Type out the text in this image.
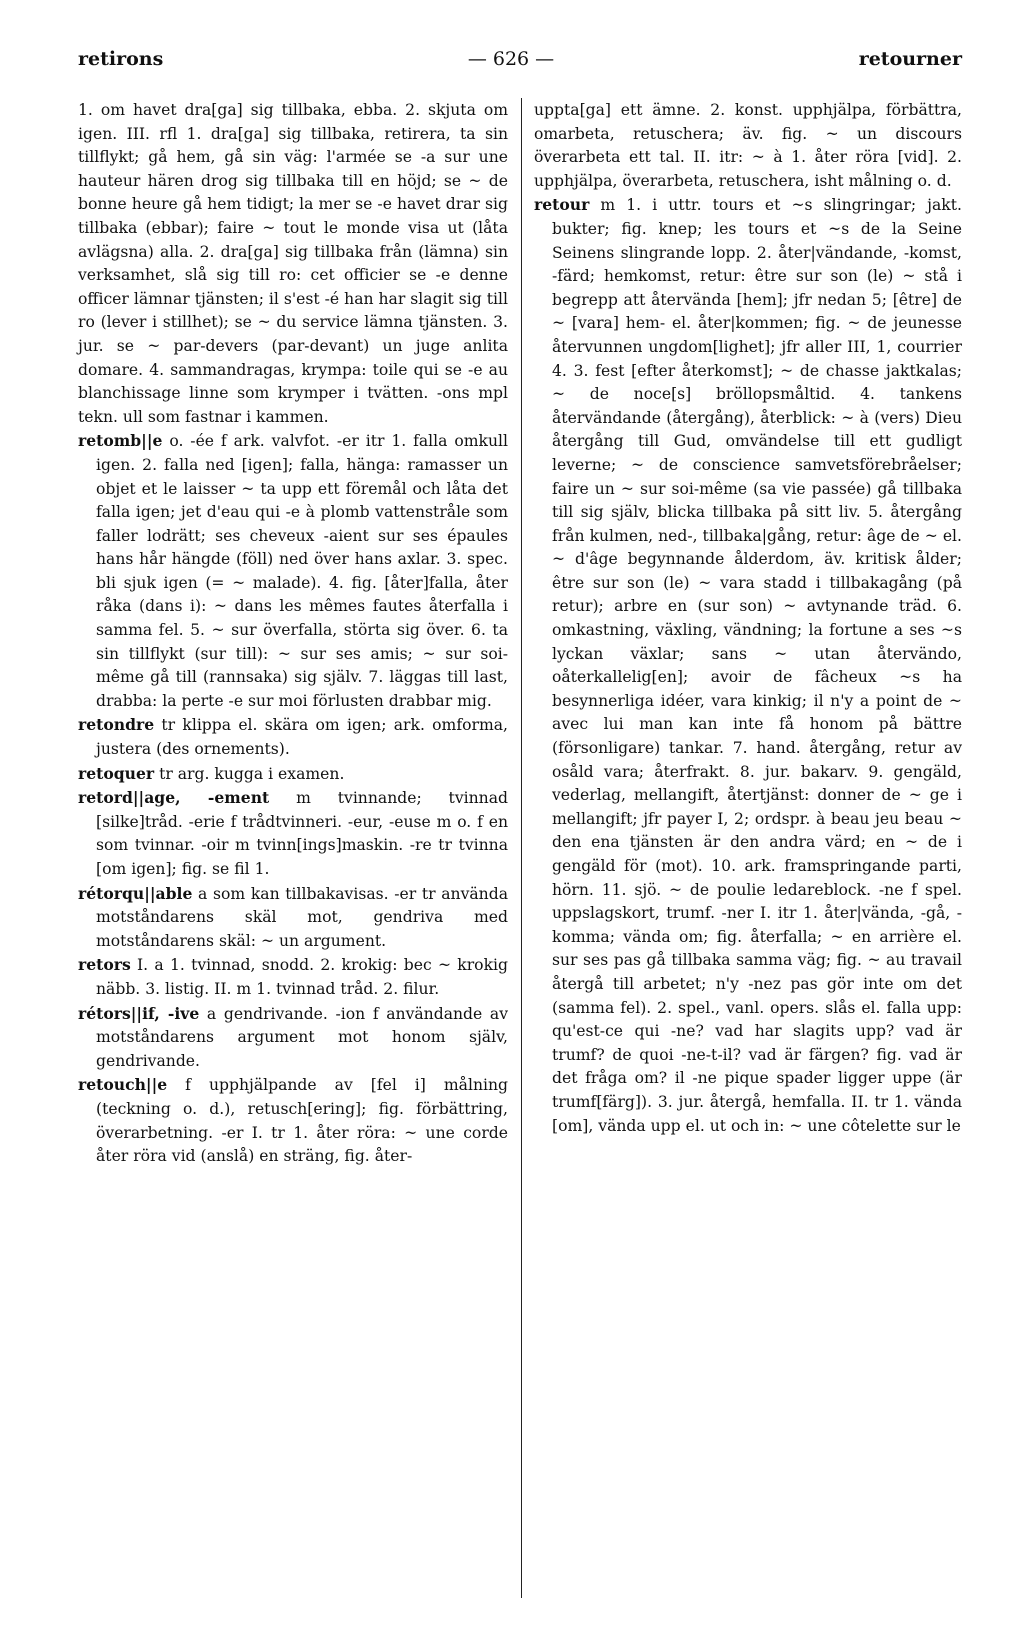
retirons	— 626 —	retourner

1. om havet dra[ga] sig tillbaka, ebba. 2. skjuta om igen. III. rfl 1. dra[ga] sig tillbaka, retirera, ta sin tillflykt; gå hem, gå sin väg: l'armée se -a sur une hauteur hären drog sig tillbaka till en höjd; se ~ de bonne heure gå hem tidigt; la mer se -e havet drar sig tillbaka (ebbar); faire ~ tout le monde visa ut (låta avlägsna) alla. 2. dra[ga] sig tillbaka från (lämna) sin verksamhet, slå sig till ro: cet officier se -e denne officer lämnar tjänsten; il s'est -é han har slagit sig till ro (lever i stillhet); se ~ du service lämna tjänsten. 3. jur. se ~ par-devers (par-devant) un juge anlita domare. 4. sammandragas, krympa: toile qui se -e au blanchissage linne som krymper i tvätten. -ons mpl tekn. ull som fastnar i kammen.

retomb||e o. -ée f ark. valvfot. -er itr 1. falla omkull igen. 2. falla ned [igen]; falla, hänga: ramasser un objet et le laisser ~ ta upp ett föremål och låta det falla igen; jet d'eau qui -e à plomb vattenstråle som faller lodrätt; ses cheveux -aient sur ses épaules hans hår hängde (föll) ned över hans axlar. 3. spec. bli sjuk igen (= ~ malade). 4. fig. [åter]falla, åter råka (dans i): ~ dans les mêmes fautes återfalla i samma fel. 5. ~ sur överfalla, störta sig över. 6. ta sin tillflykt (sur till): ~ sur ses amis; ~ sur soi-même gå till (rannsaka) sig själv. 7. läggas till last, drabba: la perte -e sur moi förlusten drabbar mig.

retondre tr klippa el. skära om igen; ark. omforma, justera (des ornements).

retoquer tr arg. kugga i examen.

retord||age, -ement m tvinnande; tvinnad [silke]tråd. -erie f trådtvinneri. -eur, -euse m o. f en som tvinnar. -oir m tvinn[ings]maskin. -re tr tvinna [om igen]; fig. se fil 1.

rétorqu||able a som kan tillbakavisas. -er tr använda motståndarens skäl mot, gendriva med motståndarens skäl: ~ un argument.

retors I. a 1. tvinnad, snodd. 2. krokig: bec ~ krokig näbb. 3. listig. II. m 1. tvinnad tråd. 2. filur.

rétors||if, -ive a gendrivande. -ion f användande av motståndarens argument mot honom själv, gendrivande.

retouch||e f upphjälpande av [fel i] målning (teckning o. d.), retusch[ering]; fig. förbättring, överarbetning. -er I. tr 1. åter röra: ~ une corde åter röra vid (anslå) en sträng, fig. åter-

uppta[ga] ett ämne. 2. konst. upphjälpa, förbättra, omarbeta, retuschera; äv. fig. ~ un discours överarbeta ett tal. II. itr: ~ à 1. åter röra [vid]. 2. upphjälpa, överarbeta, retuschera, isht målning o. d.

retour m 1. i uttr. tours et ~s slingringar; jakt. bukter; fig. knep; les tours et ~s de la Seine Seinens slingrande lopp. 2. åter|vändande, -komst, -färd; hemkomst, retur: être sur son (le) ~ stå i begrepp att återvända [hem]; jfr nedan 5; [être] de ~ [vara] hem- el. åter|kommen; fig. ~ de jeunesse återvunnen ungdom[lighet]; jfr aller III, 1, courrier 4. 3. fest [efter återkomst]; ~ de chasse jaktkalas; ~ de noce[s] bröllopsmåltid. 4. tankens återvändande (återgång), återblick: ~ à (vers) Dieu återgång till Gud, omvändelse till ett gudligt leverne; ~ de conscience samvetsförebråelser; faire un ~ sur soi-même (sa vie passée) gå tillbaka till sig själv, blicka tillbaka på sitt liv. 5. återgång från kulmen, ned-, tillbaka|gång, retur: âge de ~ el. ~ d'âge begynnande ålderdom, äv. kritisk ålder; être sur son (le) ~ vara stadd i tillbakagång (på retur); arbre en (sur son) ~ avtynande träd. 6. omkastning, växling, vändning; la fortune a ses ~s lyckan växlar; sans ~ utan återvändo, oåterkallelig[en]; avoir de fâcheux ~s ha besynnerliga idéer, vara kinkig; il n'y a point de ~ avec lui man kan inte få honom på bättre (försonligare) tankar. 7. hand. återgång, retur av osåld vara; återfrakt. 8. jur. bakarv. 9. gengäld, vederlag, mellangift, återtjänst: donner de ~ ge i mellangift; jfr payer I, 2; ordspr. à beau jeu beau ~ den ena tjänsten är den andra värd; en ~ de i gengäld för (mot). 10. ark. framspringande parti, hörn. 11. sjö. ~ de poulie ledareblock. -ne f spel. uppslagskort, trumf. -ner I. itr 1. åter|vända, -gå, -komma; vända om; fig. återfalla; ~ en arrière el. sur ses pas gå tillbaka samma väg; fig. ~ au travail återgå till arbetet; n'y -nez pas gör inte om det (samma fel). 2. spel., vanl. opers. slås el. falla upp: qu'est-ce qui -ne? vad har slagits upp? vad är trumf? de quoi -ne-t-il? vad är färgen? fig. vad är det fråga om? il -ne pique spader ligger uppe (är trumf[färg]). 3. jur. återgå, hemfalla. II. tr 1. vända [om], vända upp el. ut och in: ~ une côtelette sur le
